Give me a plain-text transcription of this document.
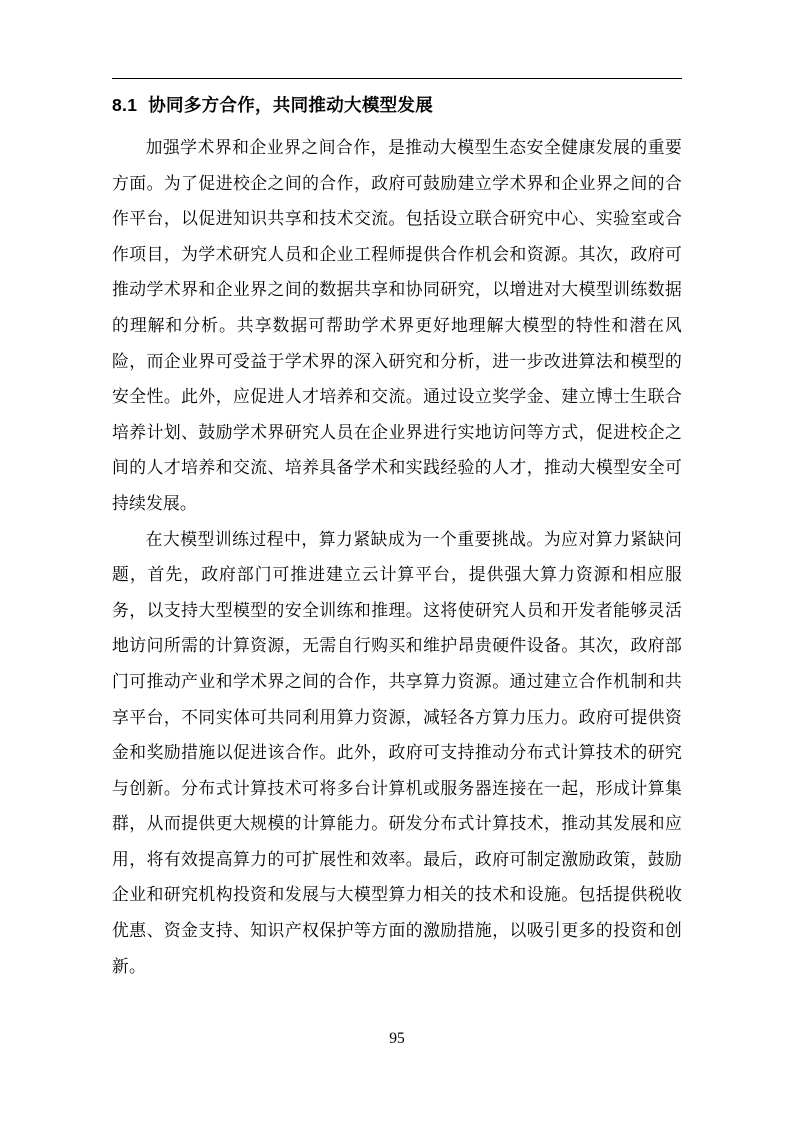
8.1 协同多方合作，共同推动大模型发展

加强学术界和企业界之间合作，是推动大模型生态安全健康发展的重要方面。为了促进校企之间的合作，政府可鼓励建立学术界和企业界之间的合作平台，以促进知识共享和技术交流。包括设立联合研究中心、实验室或合作项目，为学术研究人员和企业工程师提供合作机会和资源。其次，政府可推动学术界和企业界之间的数据共享和协同研究，以增进对大模型训练数据的理解和分析。共享数据可帮助学术界更好地理解大模型的特性和潜在风险，而企业界可受益于学术界的深入研究和分析，进一步改进算法和模型的安全性。此外，应促进人才培养和交流。通过设立奖学金、建立博士生联合培养计划、鼓励学术界研究人员在企业界进行实地访问等方式，促进校企之间的人才培养和交流、培养具备学术和实践经验的人才，推动大模型安全可持续发展。

在大模型训练过程中，算力紧缺成为一个重要挑战。为应对算力紧缺问题，首先，政府部门可推进建立云计算平台，提供强大算力资源和相应服务，以支持大型模型的安全训练和推理。这将使研究人员和开发者能够灵活地访问所需的计算资源，无需自行购买和维护昂贵硬件设备。其次，政府部门可推动产业和学术界之间的合作，共享算力资源。通过建立合作机制和共享平台，不同实体可共同利用算力资源，减轻各方算力压力。政府可提供资金和奖励措施以促进该合作。此外，政府可支持推动分布式计算技术的研究与创新。分布式计算技术可将多台计算机或服务器连接在一起，形成计算集群，从而提供更大规模的计算能力。研发分布式计算技术，推动其发展和应用，将有效提高算力的可扩展性和效率。最后，政府可制定激励政策，鼓励企业和研究机构投资和发展与大模型算力相关的技术和设施。包括提供税收优惠、资金支持、知识产权保护等方面的激励措施，以吸引更多的投资和创新。

95
